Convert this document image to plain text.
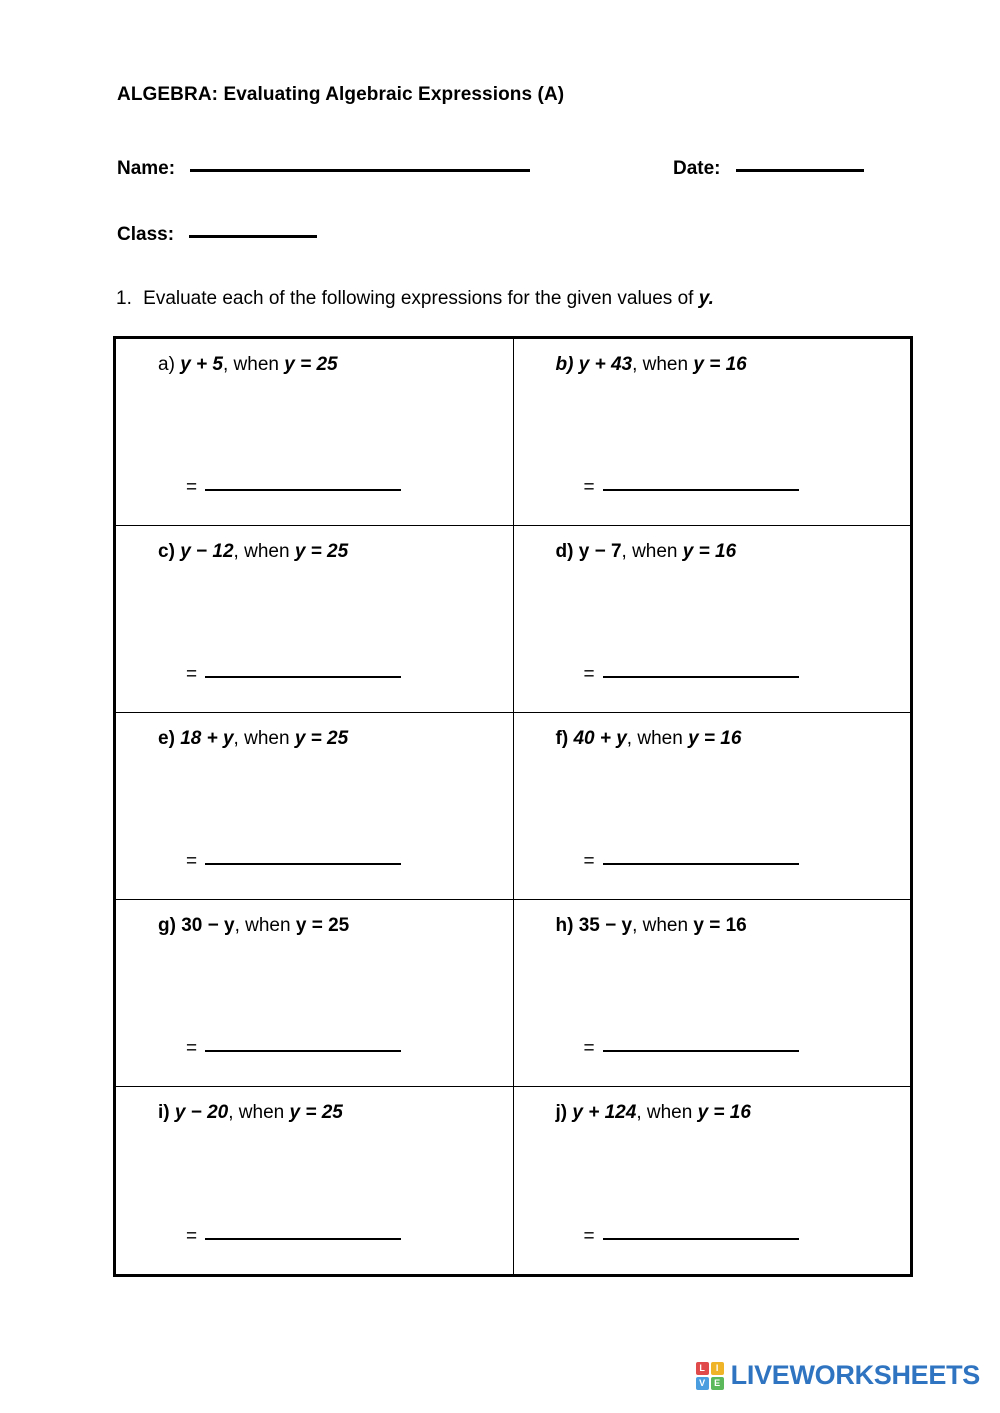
ALGEBRA: Evaluating Algebraic Expressions (A)
Name:	Date:
Class:
1. Evaluate each of the following expressions for the given values of y.
a) y + 5, when y = 25
=

b) y + 43, when y = 16
=

c) y − 12, when y = 25
=

d) y − 7, when y = 16
=

e) 18 + y, when y = 25
=

f) 40 + y, when y = 16
=

g) 30 − y, when y = 25
=

h) 35 − y, when y = 16
=

i) y − 20, when y = 25
=

j) y + 124, when y = 16
=
L	I
V E LIVEWORKSHEETS
